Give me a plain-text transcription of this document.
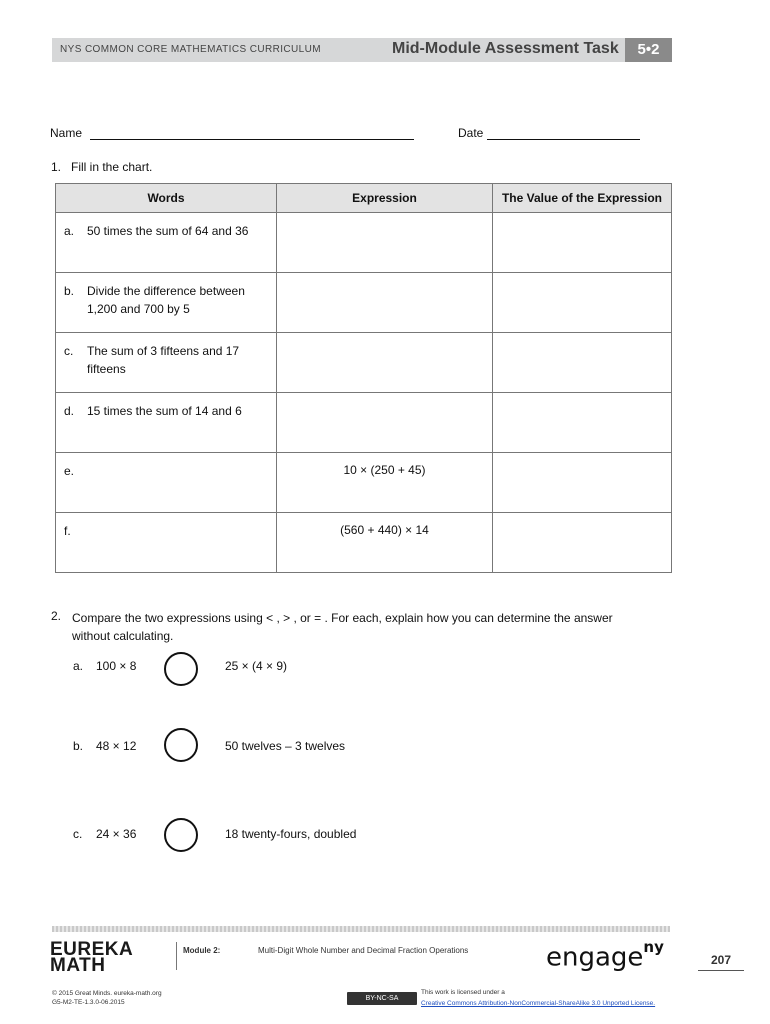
NYS COMMON CORE MATHEMATICS CURRICULUM	Mid-Module Assessment Task	5•2
Name	Date
1.   Fill in the chart.
Words	Expression	The Value of the Expression

a. 50 times the sum of 64 and 36		

b. Divide the difference between 1,200 and 700 by 5		

c. The sum of 3 fifteens and 17 fifteens		

d. 15 times the sum of 14 and 6		

e.	10 × (250 + 45)	

f.	(560 + 440) × 14	

2. Compare the two expressions using < , > , or = . For each, explain how you can determine the answer without calculating.
a. 100 × 8	25 × (4 × 9)
b. 48 × 12	50 twelves – 3 twelves
c. 24 × 36	18 twenty-fours, doubled
EUREKA
MATH
Module 2:	Multi-Digit Whole Number and Decimal Fraction Operations	engage$^{ny}$
207
© 2015 Great Minds. eureka-math.org
G5-M2-TE-1.3.0-06.2015
BY-NC-SA
This work is licensed under a
Creative Commons Attribution-NonCommercial-ShareAlike 3.0 Unported License.
